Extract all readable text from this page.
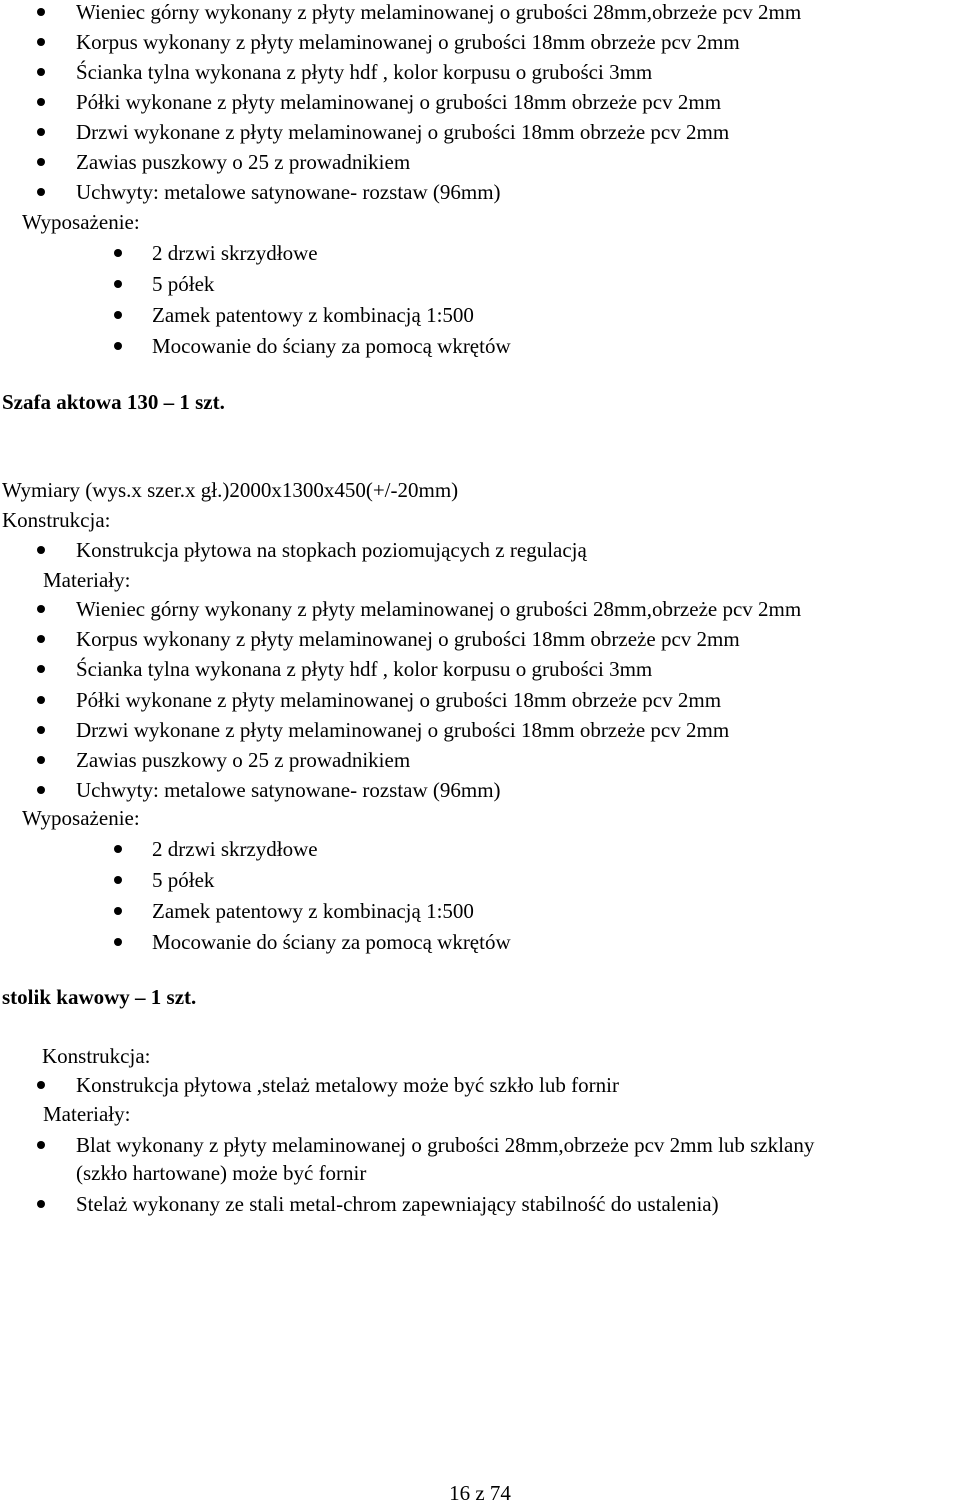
Wieniec górny wykonany z płyty melaminowanej o grubości 28mm,obrzeże pcv 2mm
Korpus wykonany z płyty melaminowanej o grubości 18mm obrzeże pcv 2mm
Ścianka tylna wykonana z płyty hdf , kolor korpusu o grubości 3mm
Półki wykonane z płyty melaminowanej o grubości 18mm obrzeże pcv 2mm
Drzwi wykonane z płyty melaminowanej o grubości 18mm obrzeże pcv 2mm
Zawias puszkowy o 25 z prowadnikiem
Uchwyty: metalowe satynowane- rozstaw (96mm)
Wyposażenie:
2 drzwi skrzydłowe
5 półek
Zamek patentowy z kombinacją 1:500
Mocowanie do ściany za pomocą wkrętów
Szafa aktowa 130 – 1 szt.
Wymiary (wys.x szer.x gł.)2000x1300x450(+/-20mm)
Konstrukcja:
Konstrukcja płytowa na stopkach poziomujących z regulacją
Materiały:
Wieniec górny wykonany z płyty melaminowanej o grubości 28mm,obrzeże pcv 2mm
Korpus wykonany z płyty melaminowanej o grubości 18mm obrzeże pcv 2mm
Ścianka tylna wykonana z płyty hdf , kolor korpusu o grubości 3mm
Półki wykonane z płyty melaminowanej o grubości 18mm obrzeże pcv 2mm
Drzwi wykonane z płyty melaminowanej o grubości 18mm obrzeże pcv 2mm
Zawias puszkowy o 25 z prowadnikiem
Uchwyty: metalowe satynowane- rozstaw (96mm)
Wyposażenie:
2 drzwi skrzydłowe
5 półek
Zamek patentowy z kombinacją 1:500
Mocowanie do ściany za pomocą wkrętów
stolik kawowy – 1 szt.
Konstrukcja:
Konstrukcja płytowa ,stelaż metalowy może być szkło lub fornir
Materiały:
Blat wykonany z płyty melaminowanej o grubości 28mm,obrzeże pcv 2mm lub szklany
(szkło hartowane) może być fornir
Stelaż wykonany ze stali metal-chrom zapewniający stabilność do ustalenia)
16 z 74
